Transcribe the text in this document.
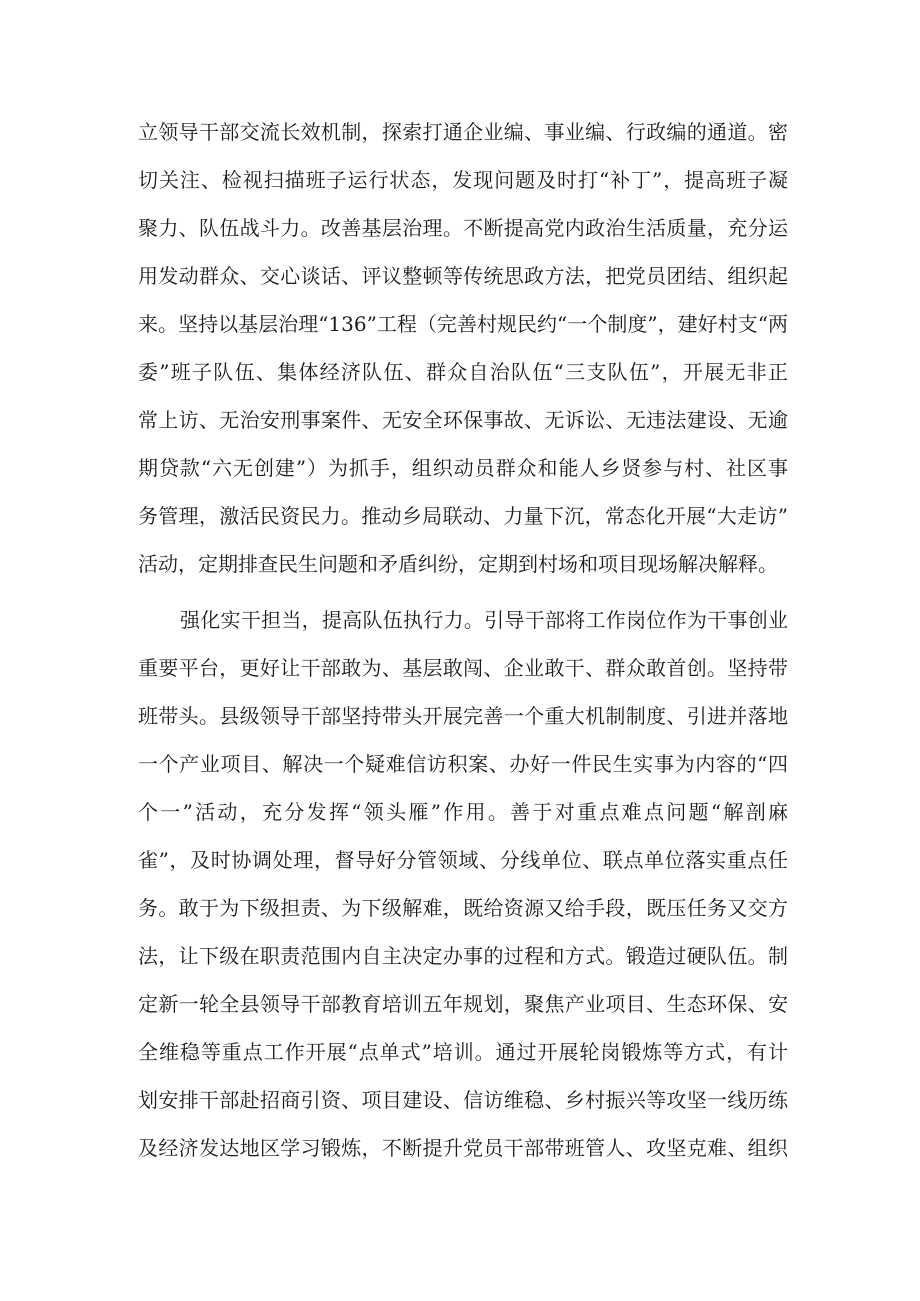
立领导干部交流长效机制，探索打通企业编、事业编、行政编的通道。密
切关注、检视扫描班子运行状态，发现问题及时打“补丁”，提高班子凝
聚力、队伍战斗力。改善基层治理。不断提高党内政治生活质量，充分运
用发动群众、交心谈话、评议整顿等传统思政方法，把党员团结、组织起
来。坚持以基层治理“136”工程（完善村规民约“一个制度”，建好村支“两
委”班子队伍、集体经济队伍、群众自治队伍“三支队伍”，开展无非正
常上访、无治安刑事案件、无安全环保事故、无诉讼、无违法建设、无逾
期贷款“六无创建”）为抓手，组织动员群众和能人乡贤参与村、社区事
务管理，激活民资民力。推动乡局联动、力量下沉，常态化开展“大走访”
活动，定期排查民生问题和矛盾纠纷，定期到村场和项目现场解决解释。
强化实干担当，提高队伍执行力。引导干部将工作岗位作为干事创业
重要平台，更好让干部敢为、基层敢闯、企业敢干、群众敢首创。坚持带
班带头。县级领导干部坚持带头开展完善一个重大机制制度、引进并落地
一个产业项目、解决一个疑难信访积案、办好一件民生实事为内容的“四
个一”活动，充分发挥“领头雁”作用。善于对重点难点问题“解剖麻
雀”，及时协调处理，督导好分管领域、分线单位、联点单位落实重点任
务。敢于为下级担责、为下级解难，既给资源又给手段，既压任务又交方
法，让下级在职责范围内自主决定办事的过程和方式。锻造过硬队伍。制
定新一轮全县领导干部教育培训五年规划，聚焦产业项目、生态环保、安
全维稳等重点工作开展“点单式”培训。通过开展轮岗锻炼等方式，有计
划安排干部赴招商引资、项目建设、信访维稳、乡村振兴等攻坚一线历练
及经济发达地区学习锻炼，不断提升党员干部带班管人、攻坚克难、组织
